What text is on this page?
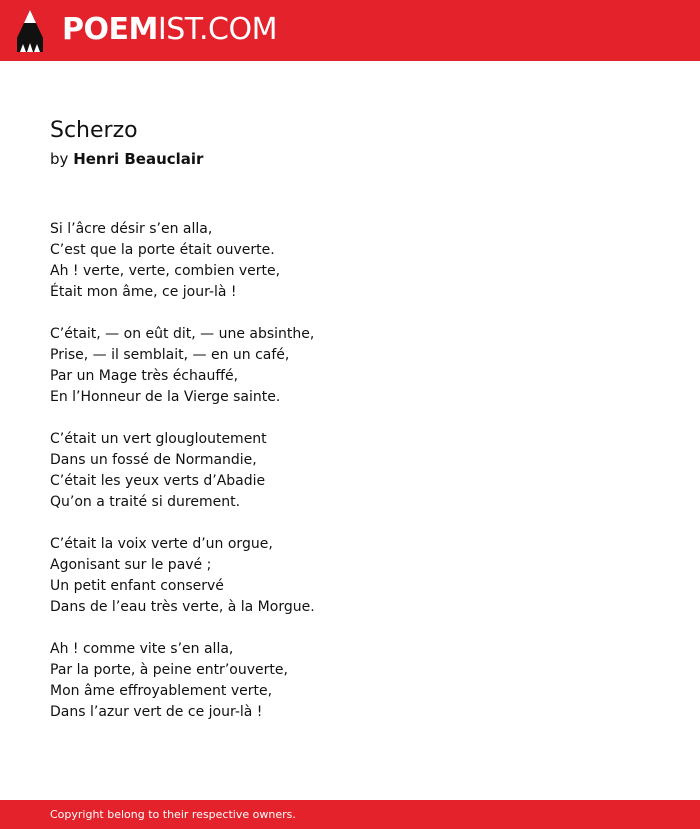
POEMIST.COM
Scherzo
by Henri Beauclair
Si l’âcre désir s’en alla,
C’est que la porte était ouverte.
Ah ! verte, verte, combien verte,
Était mon âme, ce jour-là !
C’était, — on eût dit, — une absinthe,
Prise, — il semblait, — en un café,
Par un Mage très échauffé,
En l’Honneur de la Vierge sainte.
C’était un vert glougloutement
Dans un fossé de Normandie,
C’était les yeux verts d’Abadie
Qu’on a traité si durement.
C’était la voix verte d’un orgue,
Agonisant sur le pavé ;
Un petit enfant conservé
Dans de l’eau très verte, à la Morgue.
Ah ! comme vite s’en alla,
Par la porte, à peine entr’ouverte,
Mon âme effroyablement verte,
Dans l’azur vert de ce jour-là !
Copyright belong to their respective owners.
